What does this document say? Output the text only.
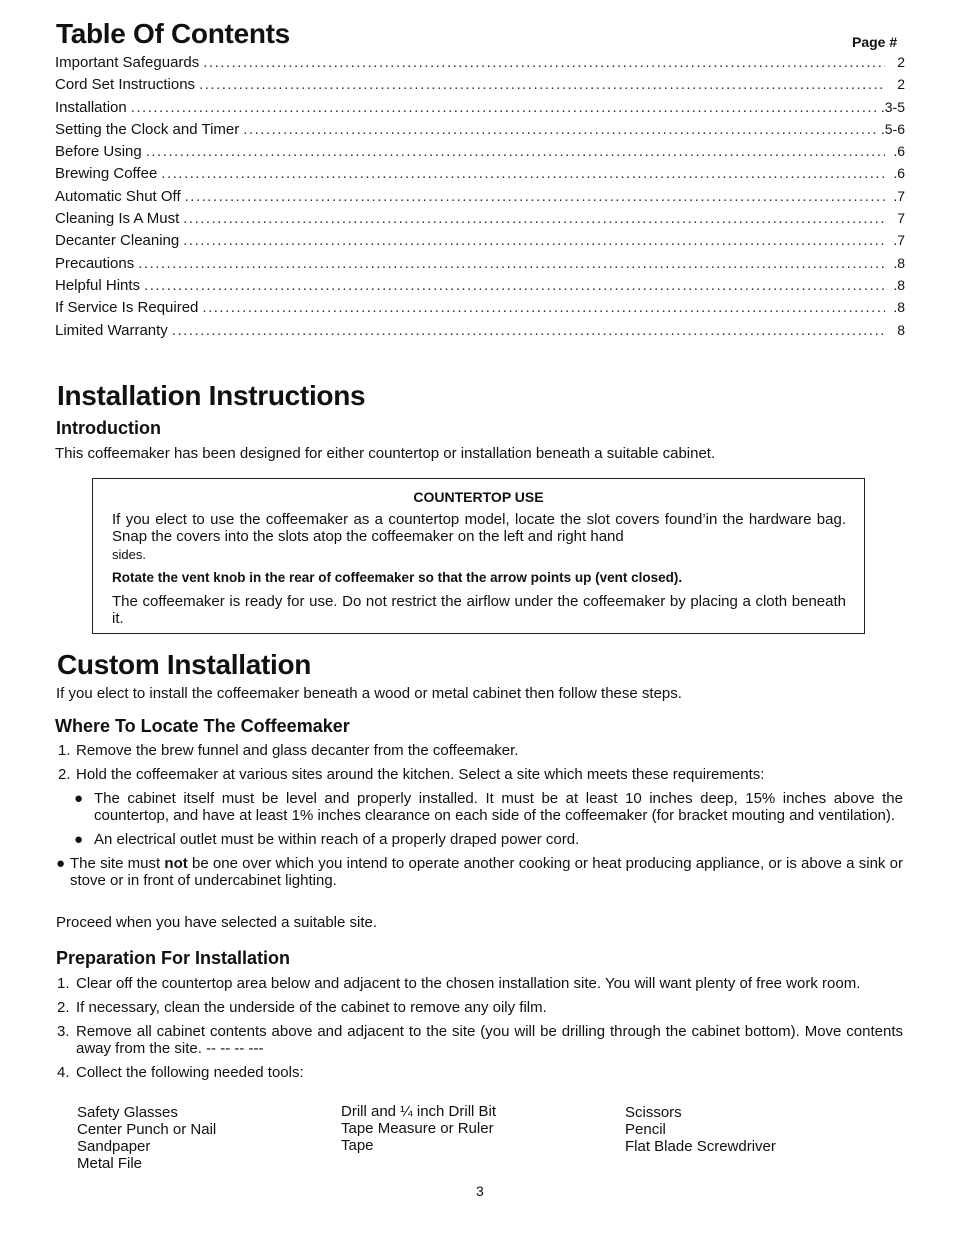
Table Of Contents	Page #
Important Safeguards .....	2
Cord Set Instructions .....	2
Installation .....	.3-5
Setting the Clock and Timer .....	.5-6
Before Using .....	.6
Brewing Coffee .....	.6
Automatic Shut Off .....	.7
Cleaning Is A Must .....	7
Decanter Cleaning .....	.7
Precautions .....	.8
Helpful Hints .....	.8
If Service Is Required .....	.8
Limited Warranty .....	8
Installation Instructions
Introduction
This coffeemaker has been designed for either countertop or installation beneath a suitable cabinet.
COUNTERTOP USE
If you elect to use the coffeemaker as a countertop model, locate the slot covers found’in the hardware bag. Snap the covers into the slots atop the coffeemaker on the left and right hand
sides.
Rotate the vent knob in the rear of coffeemaker so that the arrow points up (vent closed).
The coffeemaker is ready for use. Do not restrict the airflow under the coffeemaker by placing a cloth beneath it.
Custom Installation
If you elect to install the coffeemaker beneath a wood or metal cabinet then follow these steps.
Where To Locate The Coffeemaker
1. Remove the brew funnel and glass decanter from the coffeemaker.
2. Hold the coffeemaker at various sites around the kitchen. Select a site which meets these requirements:
● The cabinet itself must be level and properly installed. It must be at least 10 inches deep, 15% inches above the countertop, and have at least 1% inches clearance on each side of the coffeemaker (for bracket mouting and ventilation).
● An electrical outlet must be within reach of a properly draped power cord.
● The site must not be one over which you intend to operate another cooking or heat producing appliance, or is above a sink or stove or in front of undercabinet lighting.
Proceed when you have selected a suitable site.
Preparation For Installation
1. Clear off the countertop area below and adjacent to the chosen installation site. You will want plenty of free work room.
2. If necessary, clean the underside of the cabinet to remove any oily film.
3. Remove all cabinet contents above and adjacent to the site (you will be drilling through the cabinet bottom). Move contents away from the site. -- -- -- ---
4. Collect the following needed tools:
Safety Glasses
Center Punch or Nail
Sandpaper
Metal File
Drill and ¼ inch Drill Bit
Tape Measure or Ruler
Tape
Scissors
Pencil
Flat Blade Screwdriver
3
